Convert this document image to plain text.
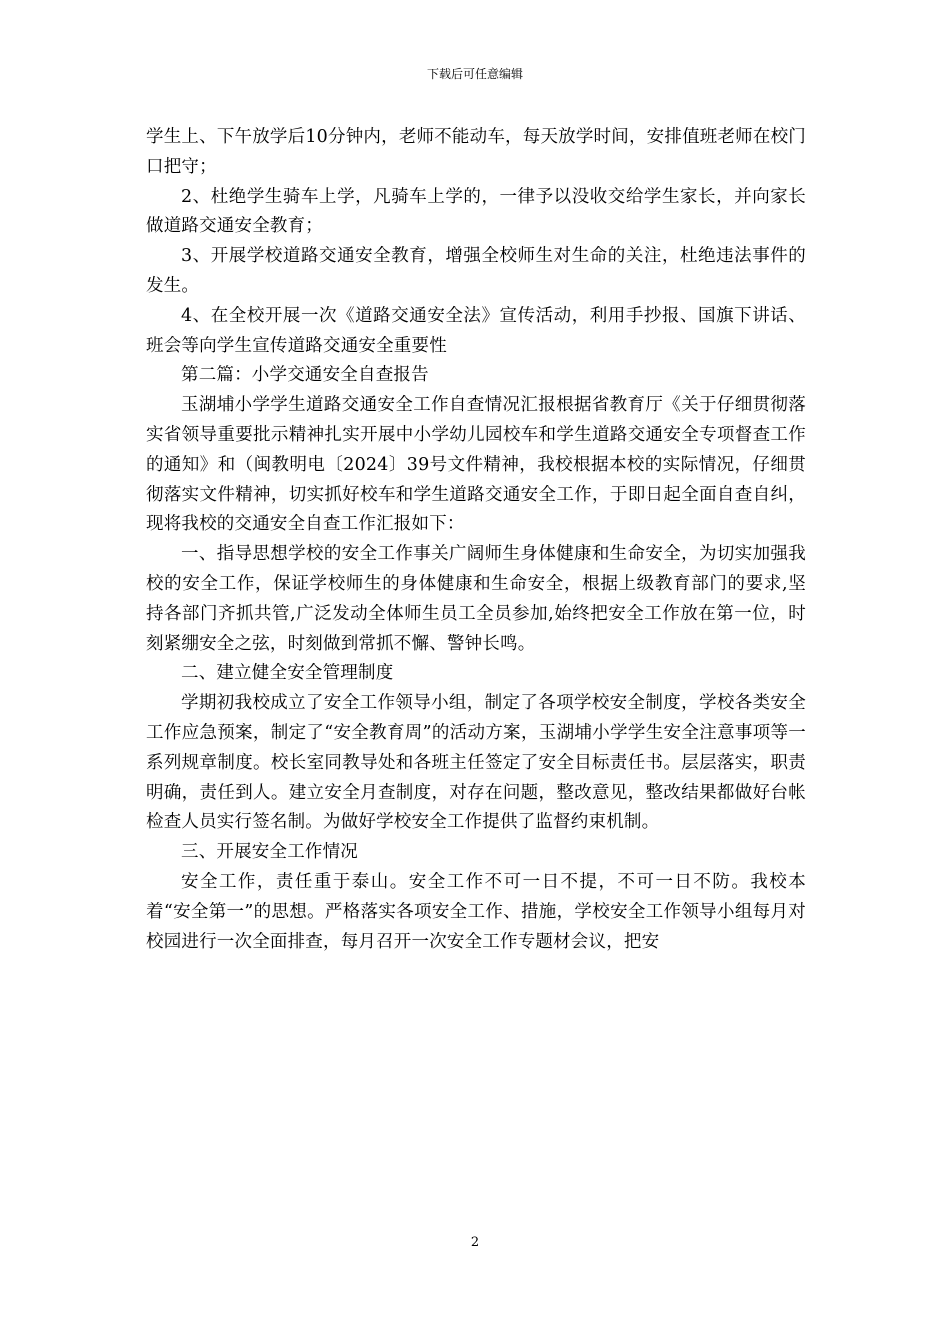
下载后可任意编辑

学生上、下午放学后10分钟内，老师不能动车，每天放学时间，安排值班老师在校门口把守；

2、杜绝学生骑车上学，凡骑车上学的，一律予以没收交给学生家长，并向家长做道路交通安全教育；

3、开展学校道路交通安全教育，增强全校师生对生命的关注，杜绝违法事件的发生。

4、在全校开展一次《道路交通安全法》宣传活动，利用手抄报、国旗下讲话、班会等向学生宣传道路交通安全重要性

第二篇：小学交通安全自查报告

玉湖埔小学学生道路交通安全工作自查情况汇报根据省教育厅《关于仔细贯彻落实省领导重要批示精神扎实开展中小学幼儿园校车和学生道路交通安全专项督查工作的通知》和（闽教明电〔2024〕39号文件精神，我校根据本校的实际情况，仔细贯彻落实文件精神，切实抓好校车和学生道路交通安全工作，于即日起全面自查自纠，现将我校的交通安全自查工作汇报如下：

一、指导思想学校的安全工作事关广阔师生身体健康和生命安全，为切实加强我校的安全工作，保证学校师生的身体健康和生命安全，根据上级教育部门的要求,坚持各部门齐抓共管,广泛发动全体师生员工全员参加,始终把安全工作放在第一位，时刻紧绷安全之弦，时刻做到常抓不懈、警钟长鸣。

二、建立健全安全管理制度

学期初我校成立了安全工作领导小组，制定了各项学校安全制度，学校各类安全工作应急预案，制定了“安全教育周”的活动方案，玉湖埔小学学生安全注意事项等一系列规章制度。校长室同教导处和各班主任签定了安全目标责任书。层层落实，职责明确，责任到人。建立安全月查制度，对存在问题，整改意见，整改结果都做好台帐检查人员实行签名制。为做好学校安全工作提供了监督约束机制。

三、开展安全工作情况

安全工作，责任重于泰山。安全工作不可一日不提，不可一日不防。我校本着“安全第一”的思想。严格落实各项安全工作、措施，学校安全工作领导小组每月对校园进行一次全面排查，每月召开一次安全工作专题材会议，把安

2
